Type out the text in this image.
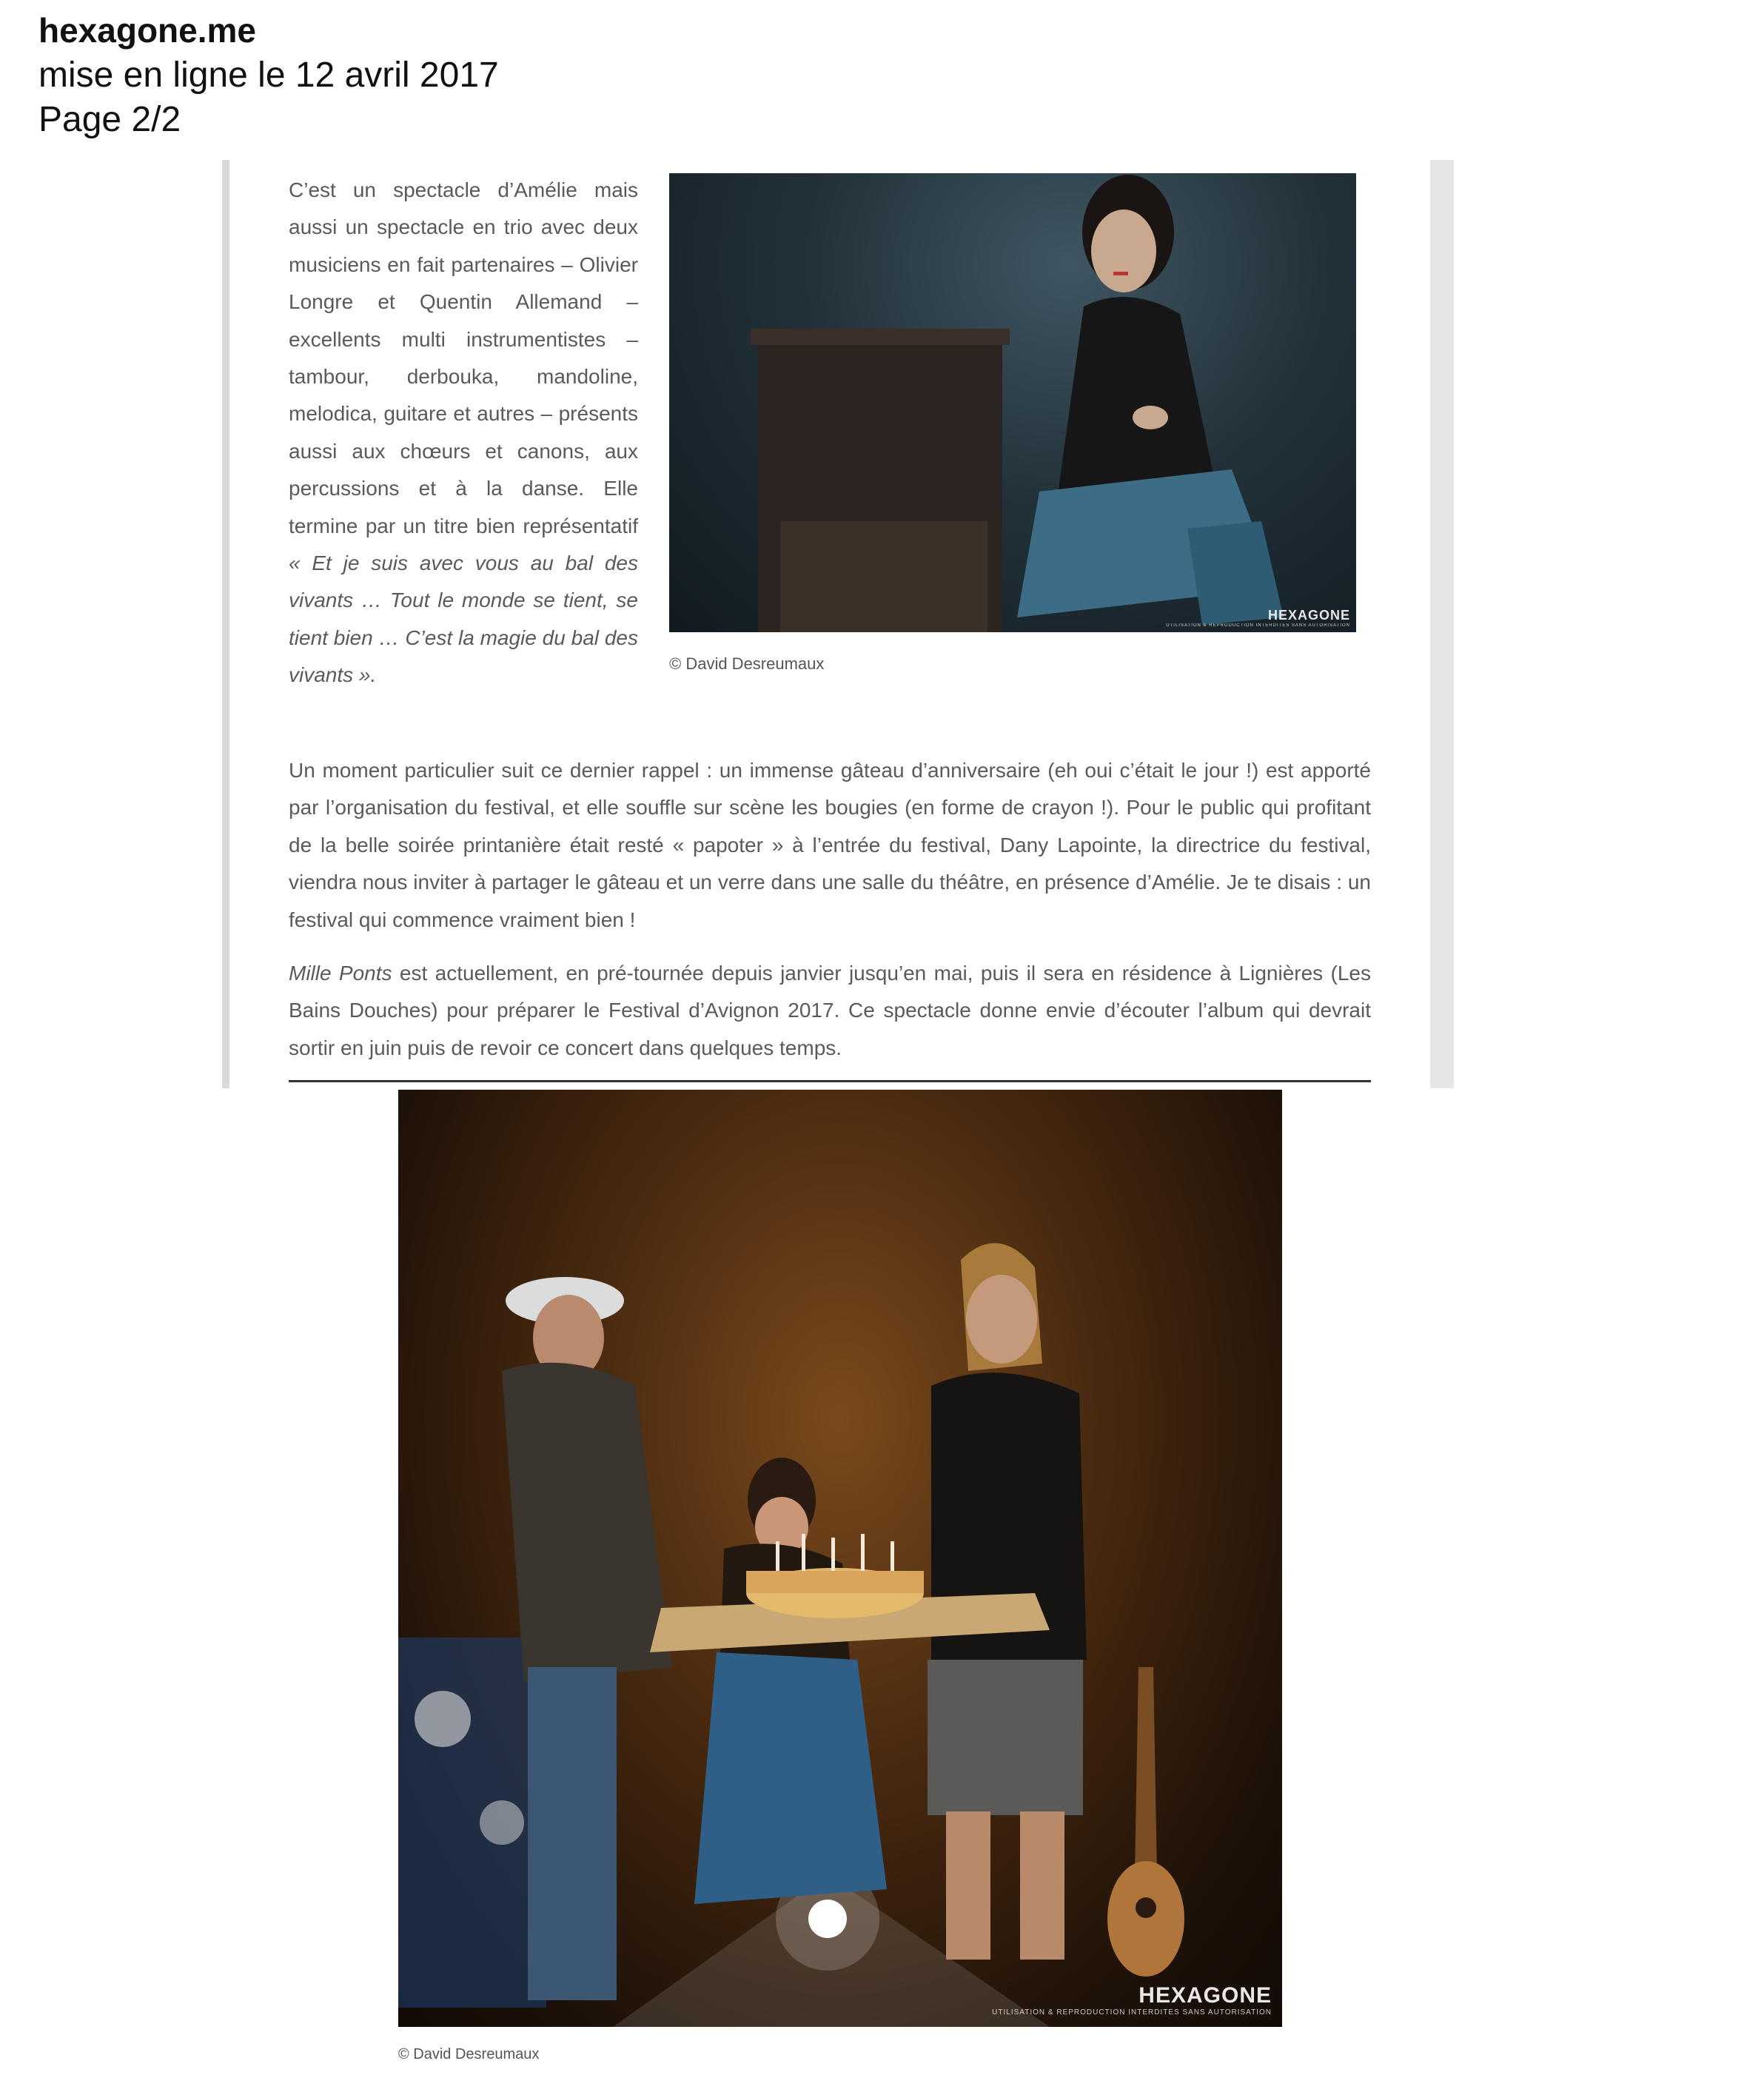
hexagone.me
mise en ligne le 12 avril 2017
Page 2/2
C’est un spectacle d’Amélie mais aussi un spectacle en trio avec deux musiciens en fait partenaires – Olivier Longre et Quentin Allemand – excellents multi instrumentistes – tambour, derbouka, mandoline, melodica, guitare et autres – présents aussi aux chœurs et canons, aux percussions et à la danse. Elle termine par un titre bien représentatif « Et je suis avec vous au bal des vivants … Tout le monde se tient, se tient bien … C’est la magie du bal des vivants ».
HEXAGONE
UTILISATION & REPRODUCTION INTERDITES SANS AUTORISATION
© David Desreumaux

Un moment particulier suit ce dernier rappel : un immense gâteau d’anniversaire (eh oui c’était le jour !) est apporté par l’organisation du festival, et elle souffle sur scène les bougies (en forme de crayon !). Pour le public qui profitant de la belle soirée printanière était resté « papoter » à l’entrée du festival, Dany Lapointe, la directrice du festival, viendra nous inviter à partager le gâteau et un verre dans une salle du théâtre, en présence d’Amélie. Je te disais : un festival qui commence vraiment bien !

Mille Ponts est actuellement, en pré-tournée depuis janvier jusqu’en mai, puis il sera en résidence à Lignières (Les Bains Douches) pour préparer le Festival d’Avignon 2017. Ce spectacle donne envie d’écouter l’album qui devrait sortir en juin puis de revoir ce concert dans quelques temps.

HEXAGONE
UTILISATION & REPRODUCTION INTERDITES SANS AUTORISATION
© David Desreumaux
